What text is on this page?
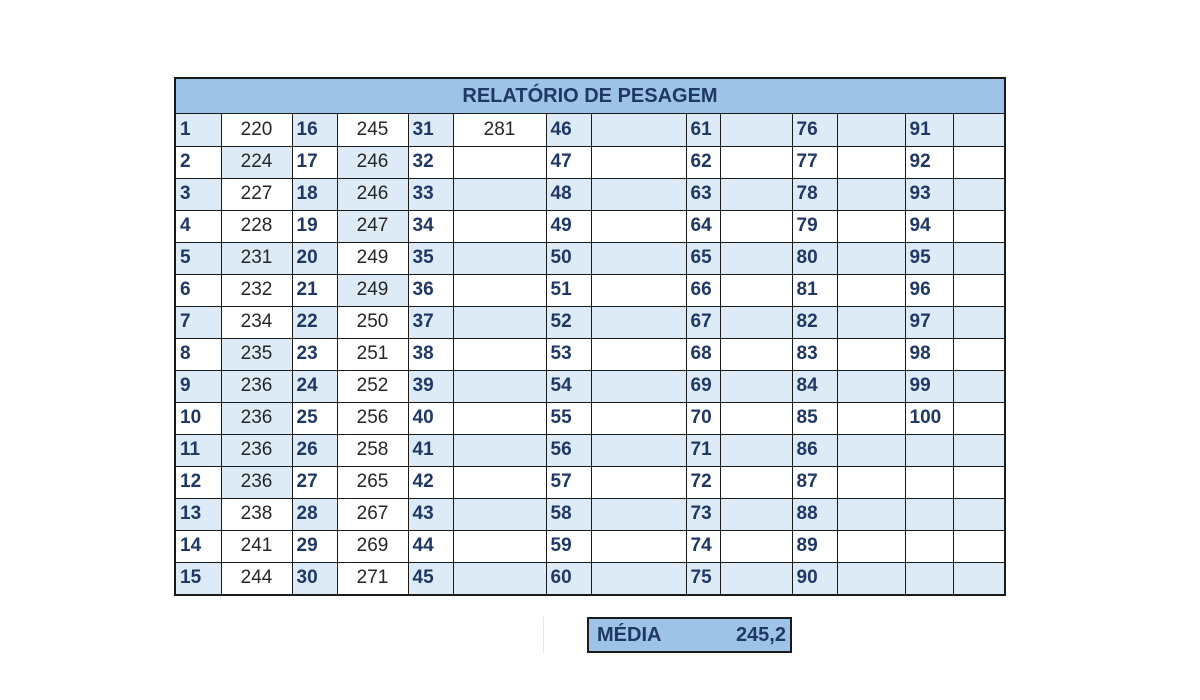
RELATÓRIO DE PESAGEM
1	220	16	245	31	281	46		61		76		91	
2	224	17	246	32		47		62		77		92	
3	227	18	246	33		48		63		78		93	
4	228	19	247	34		49		64		79		94	
5	231	20	249	35		50		65		80		95	
6	232	21	249	36		51		66		81		96	
7	234	22	250	37		52		67		82		97	
8	235	23	251	38		53		68		83		98	
9	236	24	252	39		54		69		84		99	
10	236	25	256	40		55		70		85		100	
11	236	26	258	41		56		71		86			
12	236	27	265	42		57		72		87			
13	238	28	267	43		58		73		88			
14	241	29	269	44		59		74		89			
15	244	30	271	45		60		75		90			
MÉDIA	245,2
